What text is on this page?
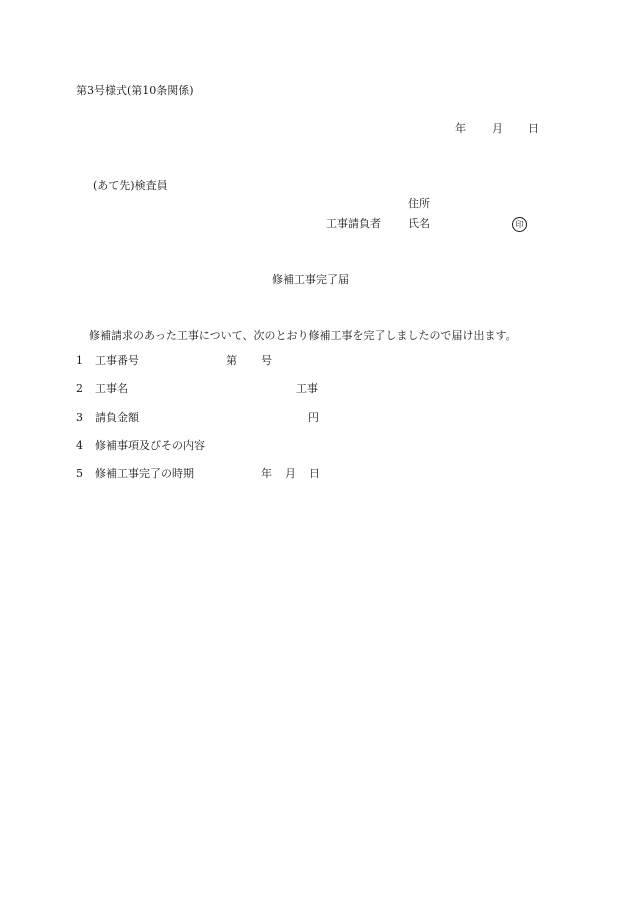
第3号様式(第10条関係)
年 月 日
(あて先)検査員
住所
工事請負者 氏名	印
修補工事完了届
修補請求のあった工事について、次のとおり修補工事を完了しましたので届け出ます。
1 工事番号	第 号
2 工事名	工事
3 請負金額	円
4 修補事項及びその内容
5 修補工事完了の時期	年 月 日
